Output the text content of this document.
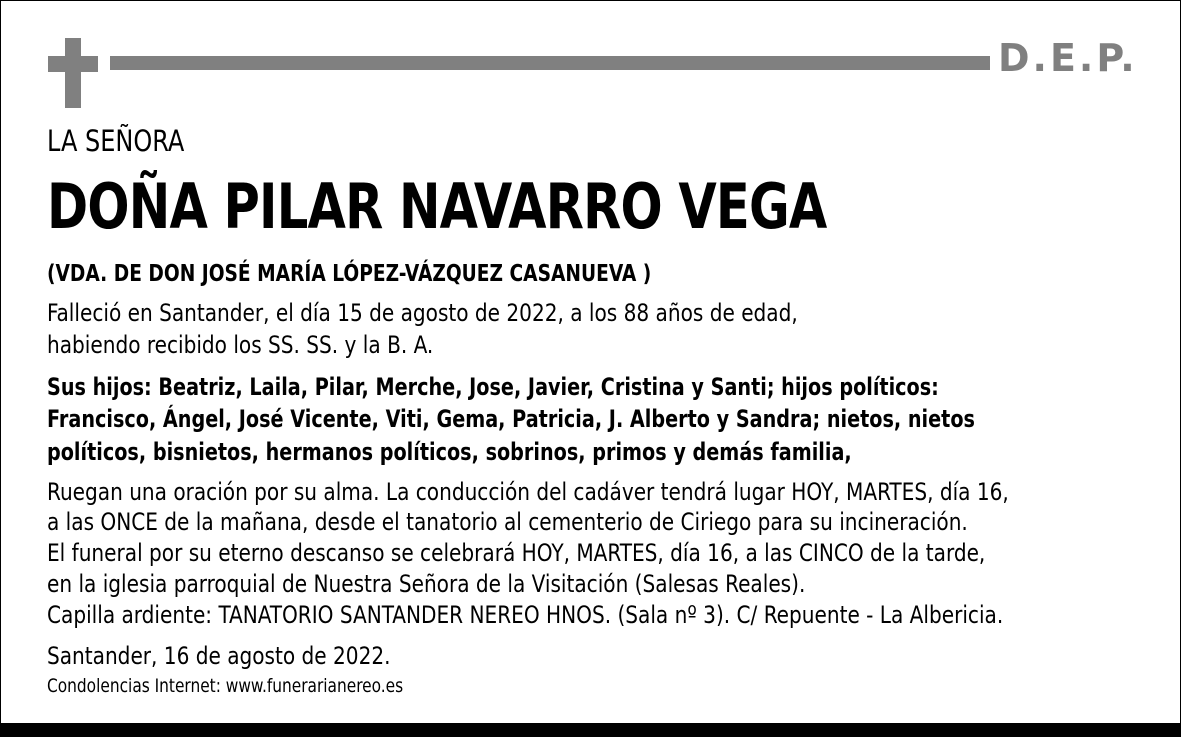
D.E.P.
LA SEÑORA
DOÑA PILAR NAVARRO VEGA
(VDA. DE DON JOSÉ MARÍA LÓPEZ-VÁZQUEZ CASANUEVA )
Falleció en Santander, el día 15 de agosto de 2022, a los 88 años de edad,
habiendo recibido los SS. SS. y la B. A.
Sus hijos: Beatriz, Laila, Pilar, Merche, Jose, Javier, Cristina y Santi; hijos políticos:
Francisco, Ángel, José Vicente, Viti, Gema, Patricia, J. Alberto y Sandra; nietos, nietos
políticos, bisnietos, hermanos políticos, sobrinos, primos y demás familia,
Ruegan una oración por su alma. La conducción del cadáver tendrá lugar HOY, MARTES, día 16,
a las ONCE de la mañana, desde el tanatorio al cementerio de Ciriego para su incineración.
El funeral por su eterno descanso se celebrará HOY, MARTES, día 16, a las CINCO de la tarde,
en la iglesia parroquial de Nuestra Señora de la Visitación (Salesas Reales).
Capilla ardiente: TANATORIO SANTANDER NEREO HNOS. (Sala nº 3). C/ Repuente - La Albericia.
Santander, 16 de agosto de 2022.
Condolencias Internet: www.funerarianereo.es
